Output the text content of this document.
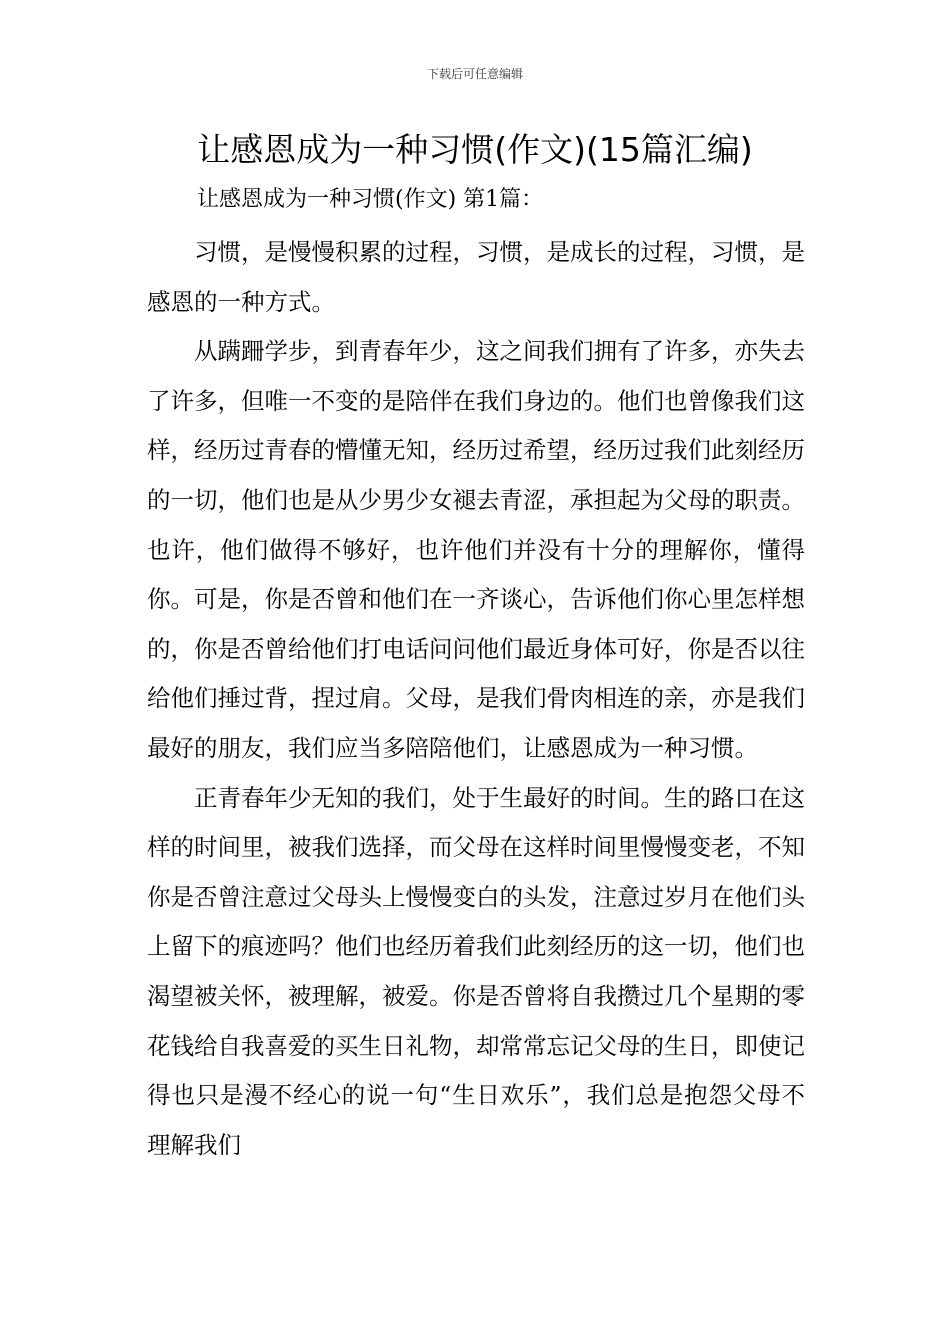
下载后可任意编辑
让感恩成为一种习惯(作文)(15篇汇编)
让感恩成为一种习惯(作文) 第1篇：

习惯，是慢慢积累的过程，习惯，是成长的过程，习惯，是感恩的一种方式。

从蹒跚学步，到青春年少，这之间我们拥有了许多，亦失去了许多，但唯一不变的是陪伴在我们身边的。他们也曾像我们这样，经历过青春的懵懂无知，经历过希望，经历过我们此刻经历的一切，他们也是从少男少女褪去青涩，承担起为父母的职责。也许，他们做得不够好，也许他们并没有十分的理解你，懂得你。可是，你是否曾和他们在一齐谈心，告诉他们你心里怎样想的，你是否曾给他们打电话问问他们最近身体可好，你是否以往给他们捶过背，捏过肩。父母，是我们骨肉相连的亲，亦是我们最好的朋友，我们应当多陪陪他们，让感恩成为一种习惯。

正青春年少无知的我们，处于生最好的时间。生的路口在这样的时间里，被我们选择，而父母在这样时间里慢慢变老，不知你是否曾注意过父母头上慢慢变白的头发，注意过岁月在他们头上留下的痕迹吗？他们也经历着我们此刻经历的这一切，他们也渴望被关怀，被理解，被爱。你是否曾将自我攒过几个星期的零花钱给自我喜爱的买生日礼物，却常常忘记父母的生日，即使记得也只是漫不经心的说一句“生日欢乐”，我们总是抱怨父母不理解我们
